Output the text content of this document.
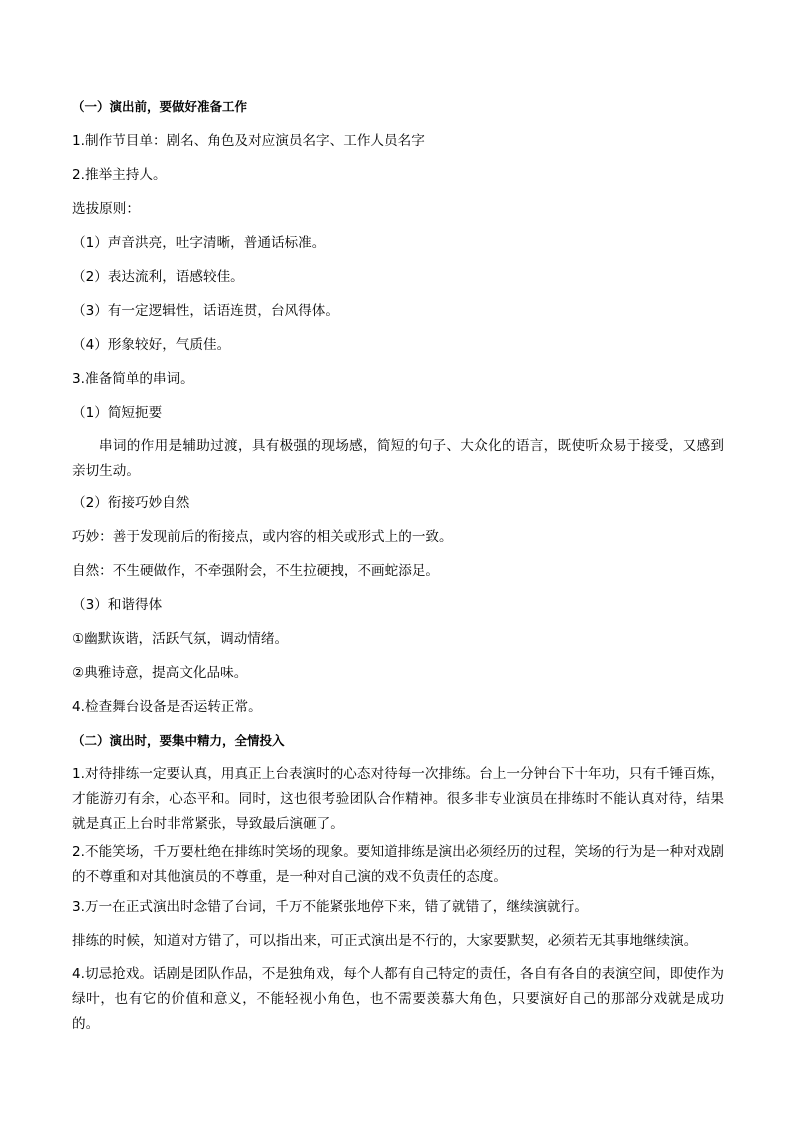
（一）演出前，要做好准备工作

1.制作节目单：剧名、角色及对应演员名字、工作人员名字

2.推举主持人。

选拔原则：

（1）声音洪亮，吐字清晰，普通话标准。

（2）表达流利，语感较佳。

（3）有一定逻辑性，话语连贯，台风得体。

（4）形象较好，气质佳。

3.准备简单的串词。

（1）简短扼要

串词的作用是辅助过渡，具有极强的现场感，简短的句子、大众化的语言，既使听众易于接受，又感到亲切生动。

（2）衔接巧妙自然

巧妙：善于发现前后的衔接点，或内容的相关或形式上的一致。

自然：不生硬做作，不牵强附会，不生拉硬拽，不画蛇添足。

（3）和谐得体

①幽默诙谐，活跃气氛，调动情绪。

②典雅诗意，提高文化品味。

4.检查舞台设备是否运转正常。

（二）演出时，要集中精力，全情投入

1.对待排练一定要认真，用真正上台表演时的心态对待每一次排练。台上一分钟台下十年功，只有千锤百炼，才能游刃有余，心态平和。同时，这也很考验团队合作精神。很多非专业演员在排练时不能认真对待，结果就是真正上台时非常紧张，导致最后演砸了。

2.不能笑场，千万要杜绝在排练时笑场的现象。要知道排练是演出必须经历的过程，笑场的行为是一种对戏剧的不尊重和对其他演员的不尊重，是一种对自己演的戏不负责任的态度。

3.万一在正式演出时念错了台词，千万不能紧张地停下来，错了就错了，继续演就行。

排练的时候，知道对方错了，可以指出来，可正式演出是不行的，大家要默契，必须若无其事地继续演。

4.切忌抢戏。话剧是团队作品，不是独角戏，每个人都有自己特定的责任，各自有各自的表演空间，即使作为绿叶，也有它的价值和意义，不能轻视小角色，也不需要羡慕大角色，只要演好自己的那部分戏就是成功的。
